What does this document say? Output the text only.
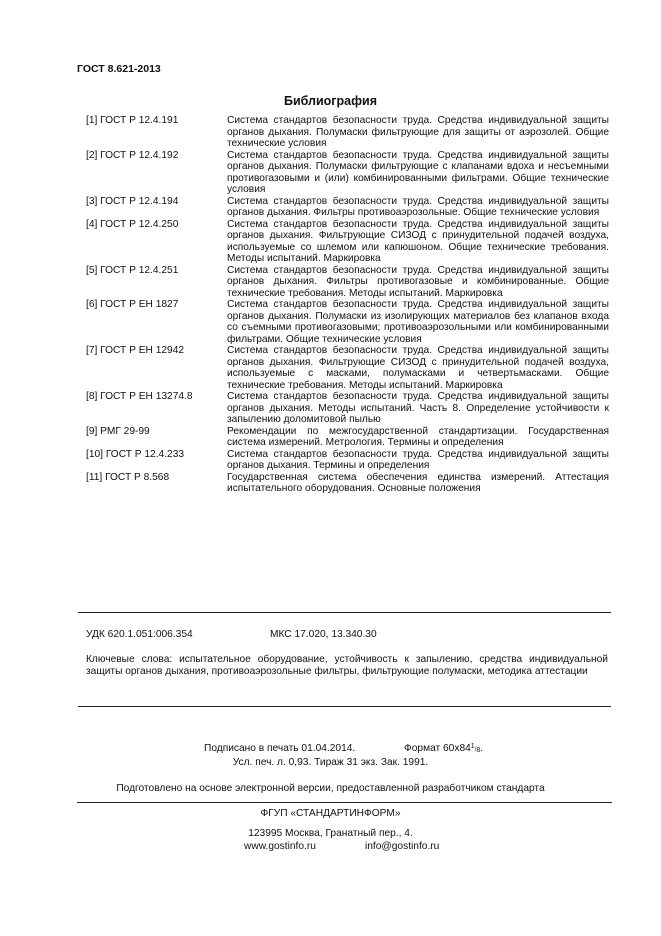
ГОСТ 8.621-2013
Библиография
[1] ГОСТ Р 12.4.191	Система стандартов безопасности труда. Средства индивидуальной защиты органов дыхания. Полумаски фильтрующие для защиты от аэрозолей. Общие технические условия
[2] ГОСТ Р 12.4.192	Система стандартов безопасности труда. Средства индивидуальной защиты органов дыхания. Полумаски фильтрующие с клапанами вдоха и несъемными противогазовыми и (или) комбинированными фильтрами. Общие технические условия
[3] ГОСТ Р 12.4.194	Система стандартов безопасности труда. Средства индивидуальной защиты органов дыхания. Фильтры противоаэрозольные. Общие технические условия
[4] ГОСТ Р 12.4.250	Система стандартов безопасности труда. Средства индивидуальной защиты органов дыхания. Фильтрующие СИЗОД с принудительной подачей воздуха, используемые со шлемом или капюшоном. Общие технические требования. Методы испытаний. Маркировка
[5] ГОСТ Р 12.4.251	Система стандартов безопасности труда. Средства индивидуальной защиты органов дыхания. Фильтры противогазовые и комбинированные. Общие технические требования. Методы испытаний. Маркировка
[6] ГОСТ Р ЕН 1827	Система стандартов безопасности труда. Средства индивидуальной защиты органов дыхания. Полумаски из изолирующих материалов без клапанов входа со съемными противогазовыми; противоаэрозольными или комбинированными фильтрами. Общие технические условия
[7] ГОСТ Р ЕН 12942	Система стандартов безопасности труда. Средства индивидуальной защиты органов дыхания. Фильтрующие СИЗОД с принудительной подачей воздуха, используемые с масками, полумасками и четвертьмасками. Общие технические требования. Методы испытаний. Маркировка
[8] ГОСТ Р ЕН 13274.8	Система стандартов безопасности труда. Средства индивидуальной защиты органов дыхания. Методы испытаний. Часть 8. Определение устойчивости к запылению доломитовой пылью
[9] РМГ 29-99	Рекомендации по межгосударственной стандартизации. Государственная система измерений. Метрология. Термины и определения
[10] ГОСТ Р 12.4.233	Система стандартов безопасности труда. Средства индивидуальной защиты органов дыхания. Термины и определения
[11] ГОСТ Р 8.568	Государственная система обеспечения единства измерений. Аттестация испытательного оборудования. Основные положения
УДК 620.1.051:006.354	МКС 17.020, 13.340.30
Ключевые слова: испытательное оборудование, устойчивость к запылению, средства индивидуальной защиты органов дыхания, противоаэрозольные фильтры, фильтрующие полумаски, методика аттестации
Подписано в печать 01.04.2014.	Формат $60x84^1/8$.
Усл. печ. л. 0,93. Тираж 31 экз. Зак. 1991.
Подготовлено на основе электронной версии, предоставленной разработчиком стандарта
ФГУП «СТАНДАРТИНФОРМ»
123995 Москва, Гранатный пер., 4.
www.gostinfo.ru	info@gostinfo.ru
